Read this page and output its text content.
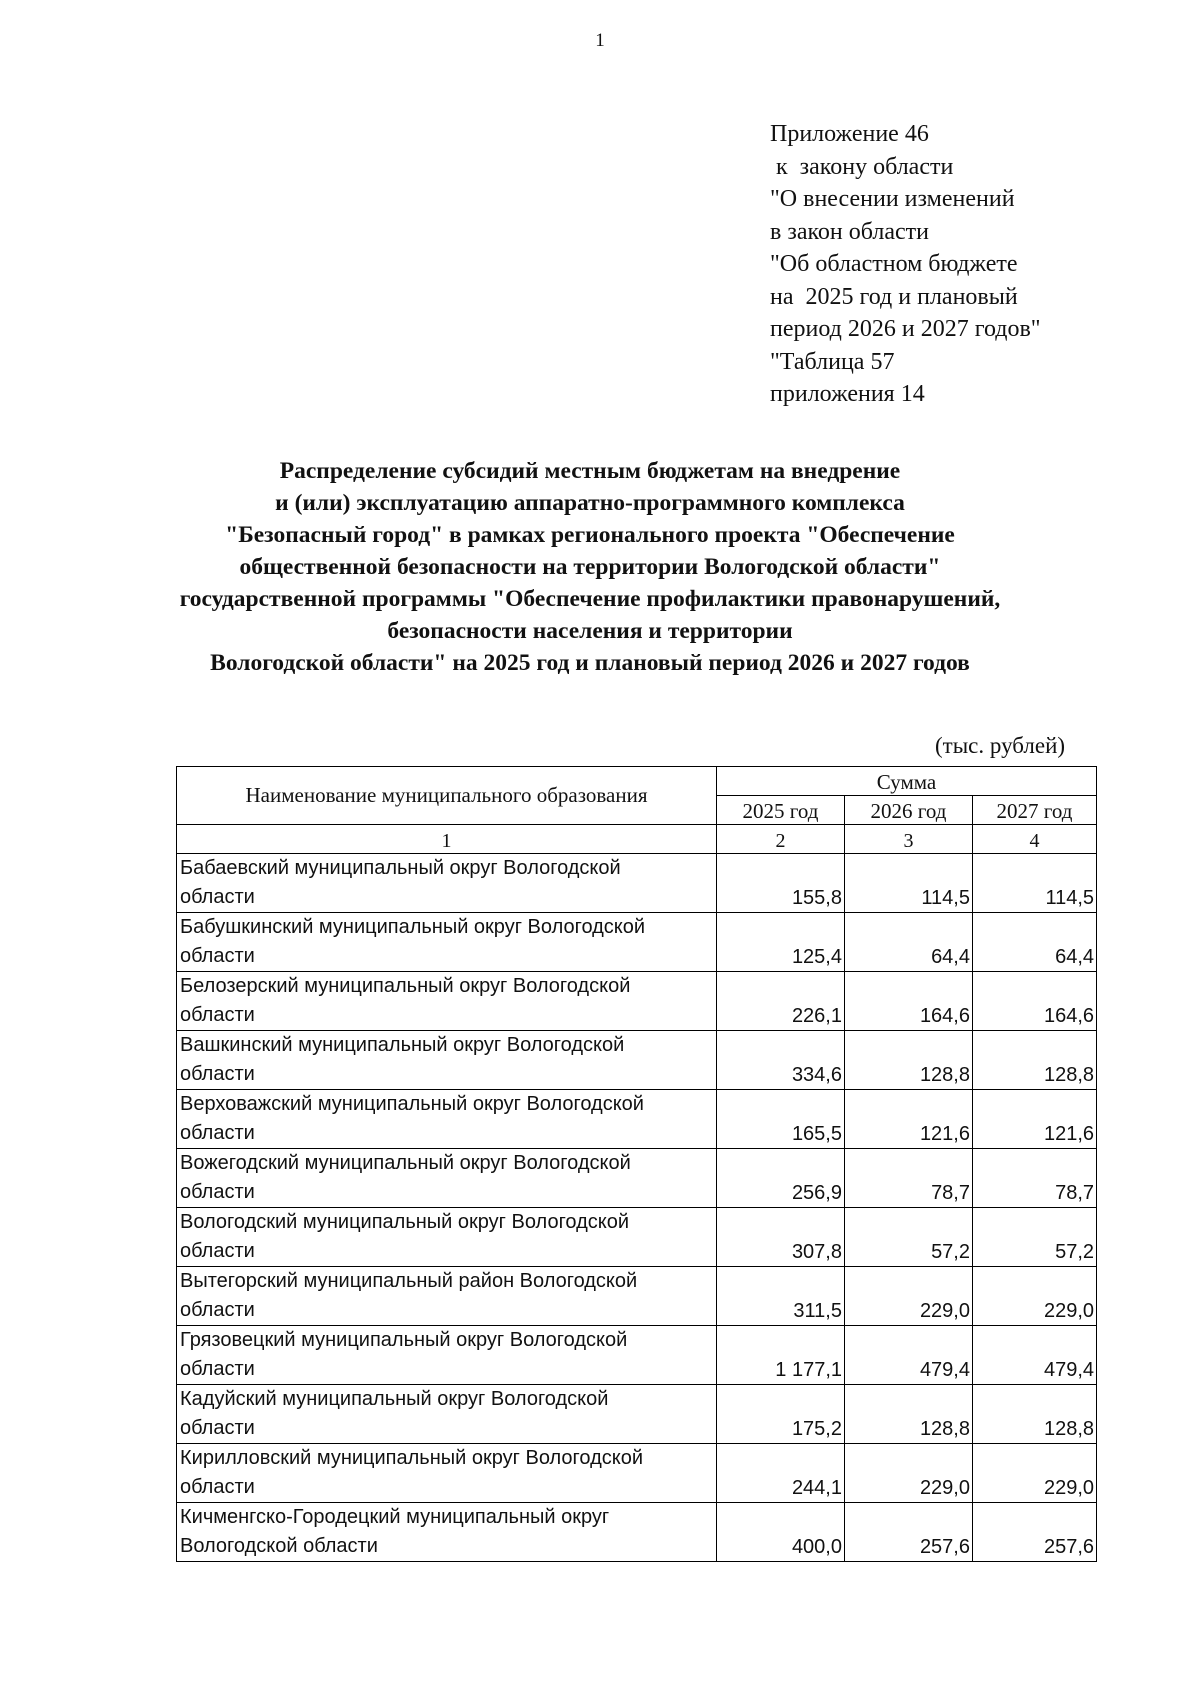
1
Приложение 46
к  закону области
"О внесении изменений
в закон области
"Об областном бюджете
на  2025 год и плановый
период 2026 и 2027 годов"
"Таблица 57
приложения 14
Распределение субсидий местным бюджетам на внедрение
и (или) эксплуатацию аппаратно-программного комплекса
"Безопасный город" в рамках регионального проекта "Обеспечение
общественной безопасности на территории Вологодской области"
государственной программы "Обеспечение профилактики правонарушений,
безопасности населения и территории
Вологодской области" на 2025 год и плановый период 2026 и 2027 годов
(тыс. рублей)
Наименование муниципального образования	Сумма		
	2025 год	2026 год	2027 год
1	2	3	4

Бабаевский муниципальный округ Вологодской
области	155,8	114,5	114,5

Бабушкинский муниципальный округ Вологодской
области	125,4	64,4	64,4

Белозерский муниципальный округ Вологодской
области	226,1	164,6	164,6

Вашкинский муниципальный округ Вологодской
области	334,6	128,8	128,8

Верховажский муниципальный округ Вологодской
области	165,5	121,6	121,6

Вожегодский муниципальный округ Вологодской
области	256,9	78,7	78,7

Вологодский муниципальный округ Вологодской
области	307,8	57,2	57,2

Вытегорский муниципальный район Вологодской
области	311,5	229,0	229,0

Грязовецкий муниципальный округ Вологодской
области	1 177,1	479,4	479,4

Кадуйский муниципальный округ Вологодской
области	175,2	128,8	128,8

Кирилловский муниципальный округ Вологодской
области	244,1	229,0	229,0

Кичменгско-Городецкий муниципальный округ
Вологодской области	400,0	257,6	257,6
